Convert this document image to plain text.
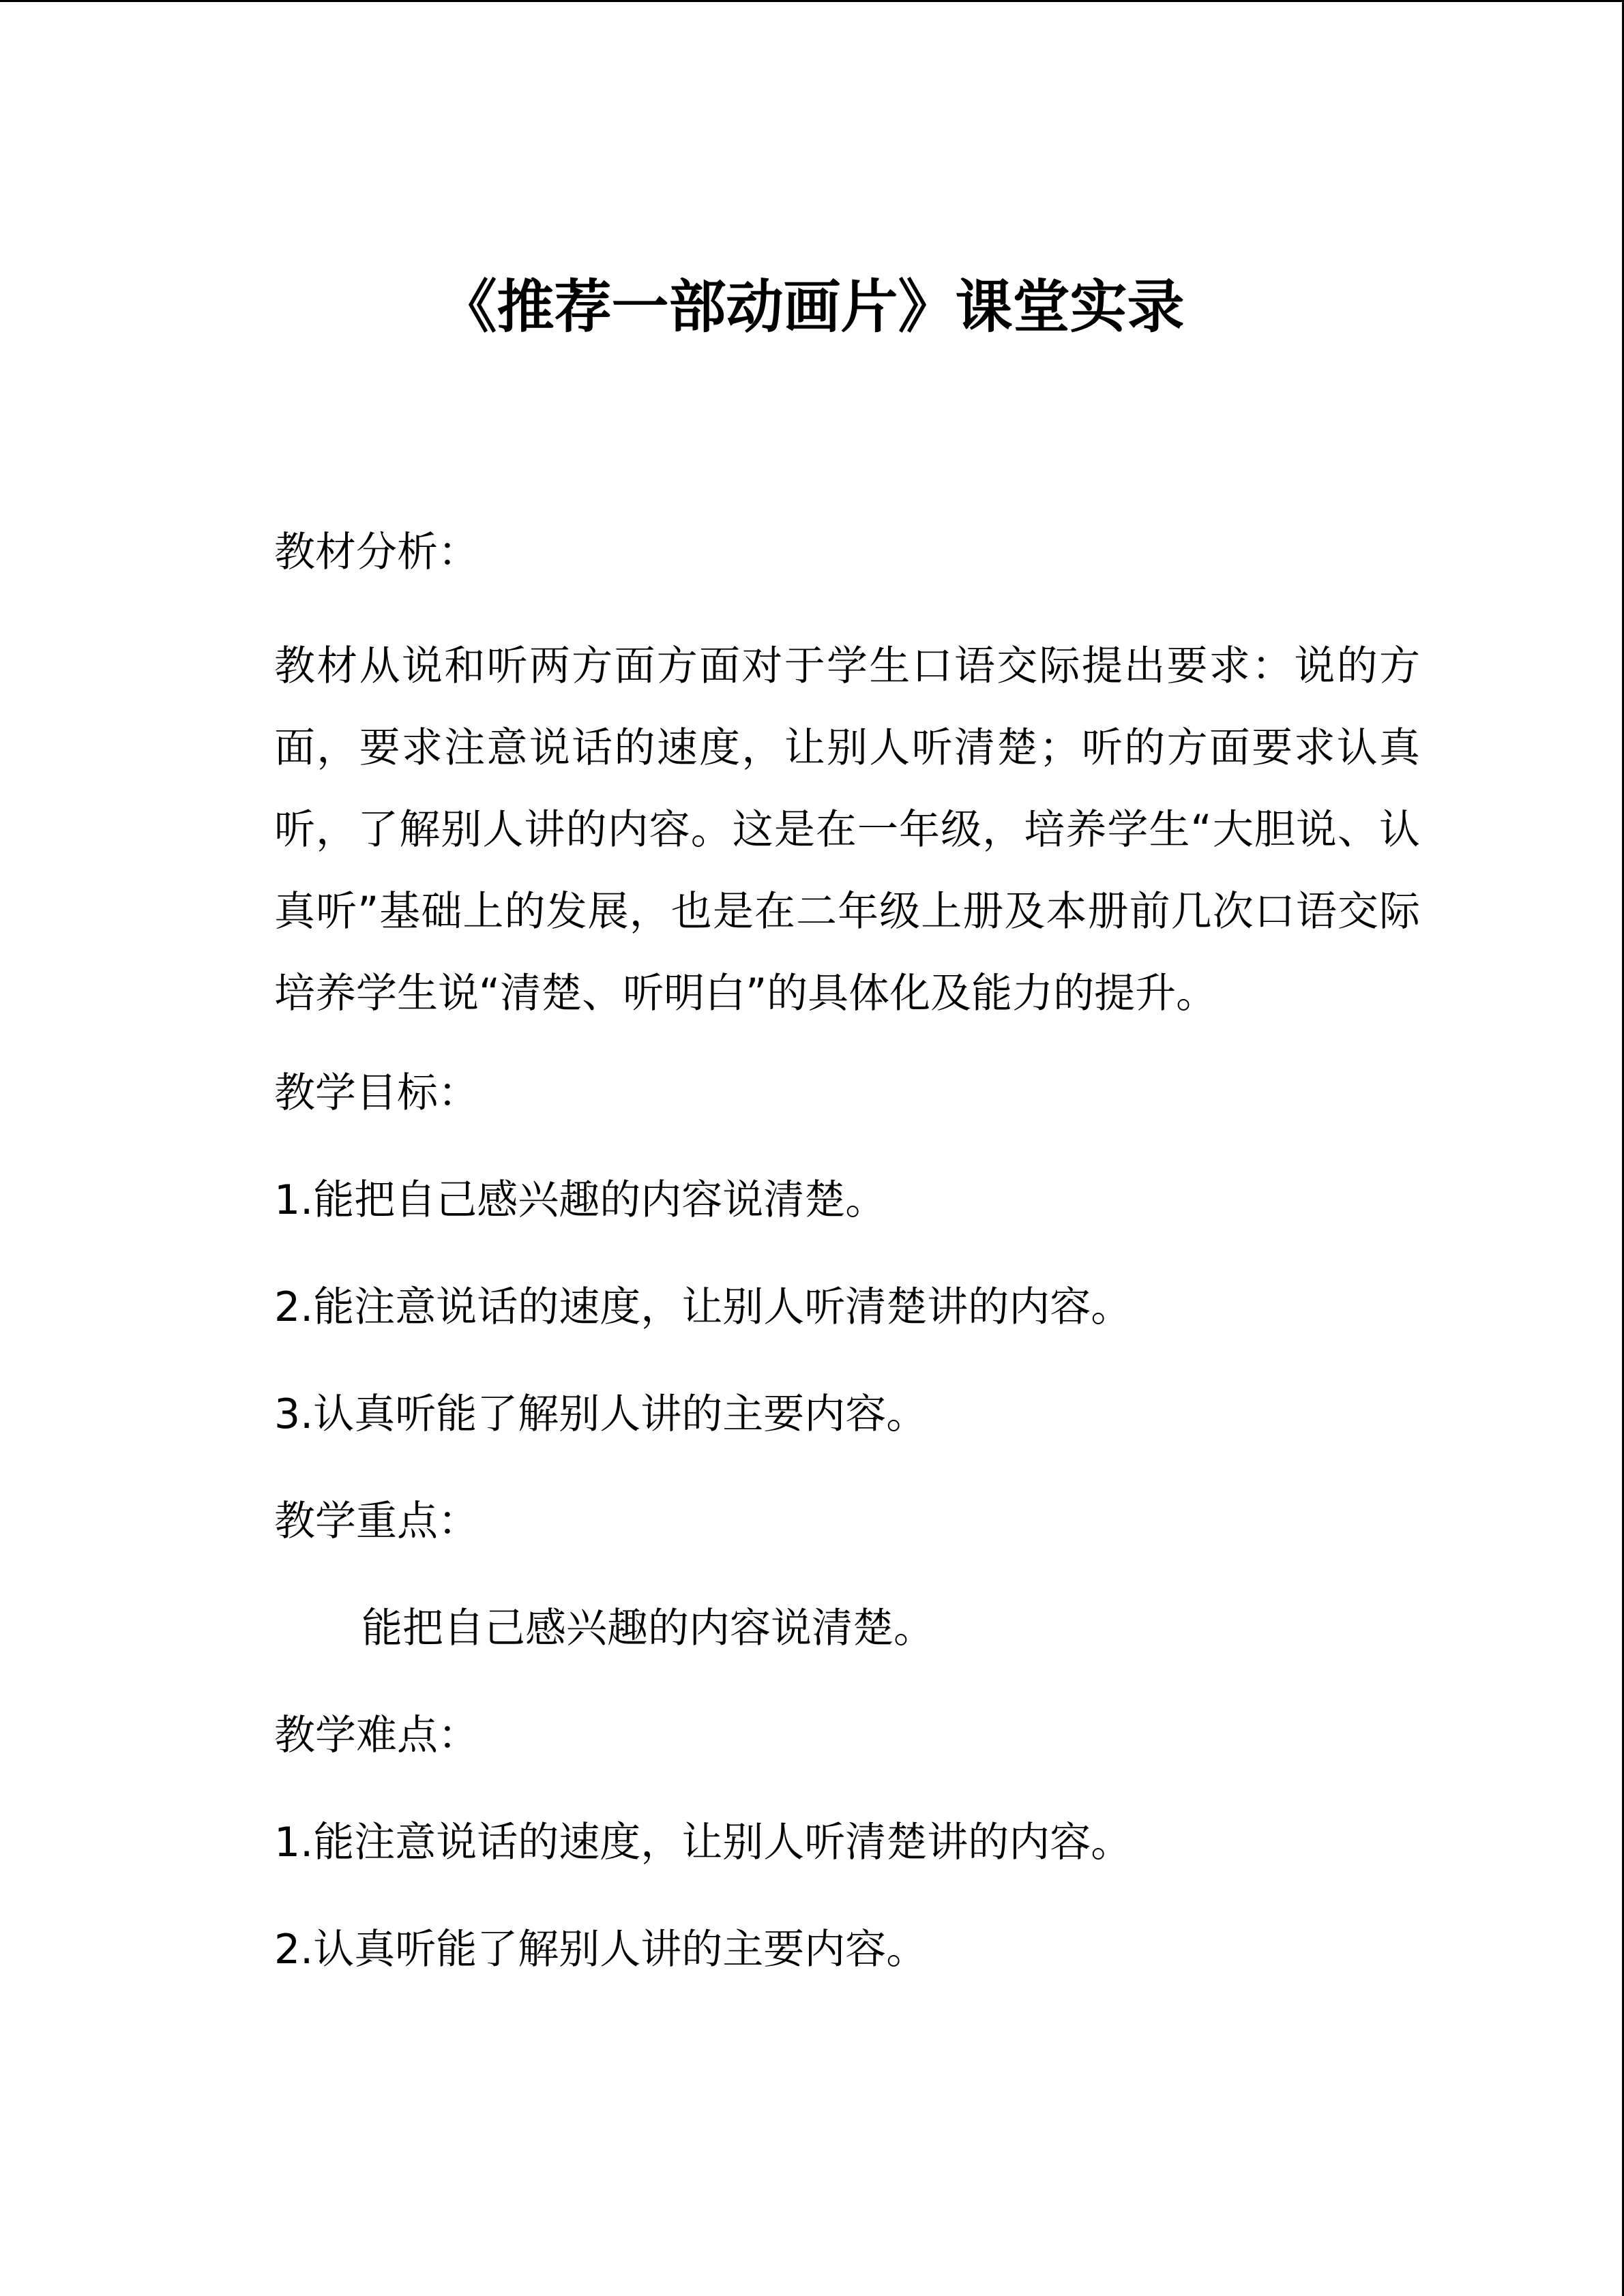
《推荐一部动画片》课堂实录
教材分析：
教材从说和听两方面方面对于学生口语交际提出要求：说的方面，要求注意说话的速度，让别人听清楚；听的方面要求认真听，了解别人讲的内容。这是在一年级，培养学生“大胆说、认真听”基础上的发展，也是在二年级上册及本册前几次口语交际培养学生说“清楚、听明白”的具体化及能力的提升。
教学目标：
1.能把自己感兴趣的内容说清楚。
2.能注意说话的速度，让别人听清楚讲的内容。
3.认真听能了解别人讲的主要内容。
教学重点：
能把自己感兴趣的内容说清楚。
教学难点：
1.能注意说话的速度，让别人听清楚讲的内容。
2.认真听能了解别人讲的主要内容。
